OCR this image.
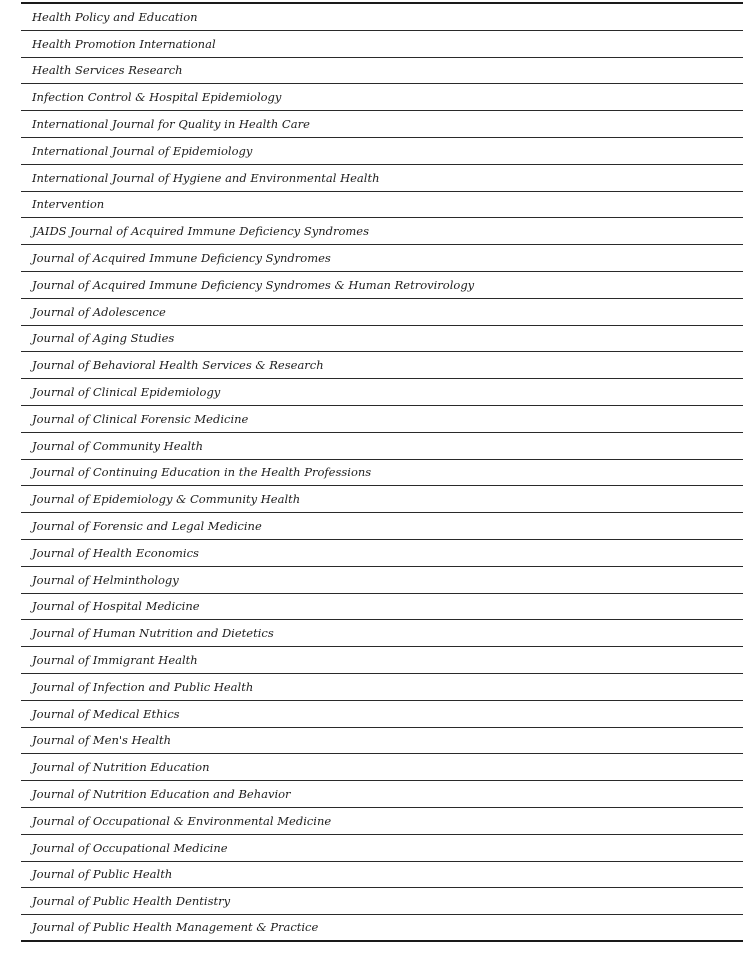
Health Policy and Education
Health Promotion International
Health Services Research
Infection Control & Hospital Epidemiology
International Journal for Quality in Health Care
International Journal of Epidemiology
International Journal of Hygiene and Environmental Health
Intervention
JAIDS Journal of Acquired Immune Deficiency Syndromes
Journal of Acquired Immune Deficiency Syndromes
Journal of Acquired Immune Deficiency Syndromes & Human Retrovirology
Journal of Adolescence
Journal of Aging Studies
Journal of Behavioral Health Services & Research
Journal of Clinical Epidemiology
Journal of Clinical Forensic Medicine
Journal of Community Health
Journal of Continuing Education in the Health Professions
Journal of Epidemiology & Community Health
Journal of Forensic and Legal Medicine
Journal of Health Economics
Journal of Helminthology
Journal of Hospital Medicine
Journal of Human Nutrition and Dietetics
Journal of Immigrant Health
Journal of Infection and Public Health
Journal of Medical Ethics
Journal of Men's Health
Journal of Nutrition Education
Journal of Nutrition Education and Behavior
Journal of Occupational & Environmental Medicine
Journal of Occupational Medicine
Journal of Public Health
Journal of Public Health Dentistry
Journal of Public Health Management & Practice
